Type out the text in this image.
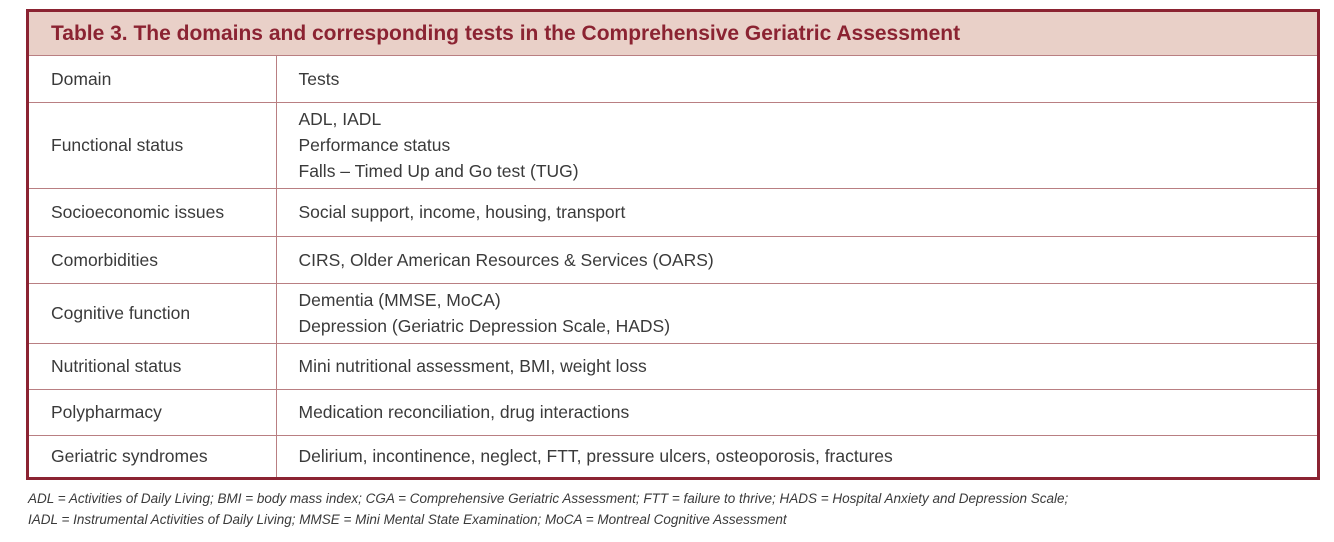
Table 3. The domains and corresponding tests in the Comprehensive Geriatric Assessment
Domain	Tests
Functional status	ADL, IADL
Performance status
Falls – Timed Up and Go test (TUG)

Socioeconomic issues	Social support, income, housing, transport

Comorbidities	CIRS, Older American Resources & Services (OARS)

Cognitive function	Dementia (MMSE, MoCA)
Depression (Geriatric Depression Scale, HADS)

Nutritional status	Mini nutritional assessment, BMI, weight loss

Polypharmacy	Medication reconciliation, drug interactions

Geriatric syndromes	Delirium, incontinence, neglect, FTT, pressure ulcers, osteoporosis, fractures
ADL = Activities of Daily Living; BMI = body mass index; CGA = Comprehensive Geriatric Assessment; FTT = failure to thrive; HADS = Hospital Anxiety and Depression Scale;
IADL = Instrumental Activities of Daily Living; MMSE = Mini Mental State Examination; MoCA = Montreal Cognitive Assessment
